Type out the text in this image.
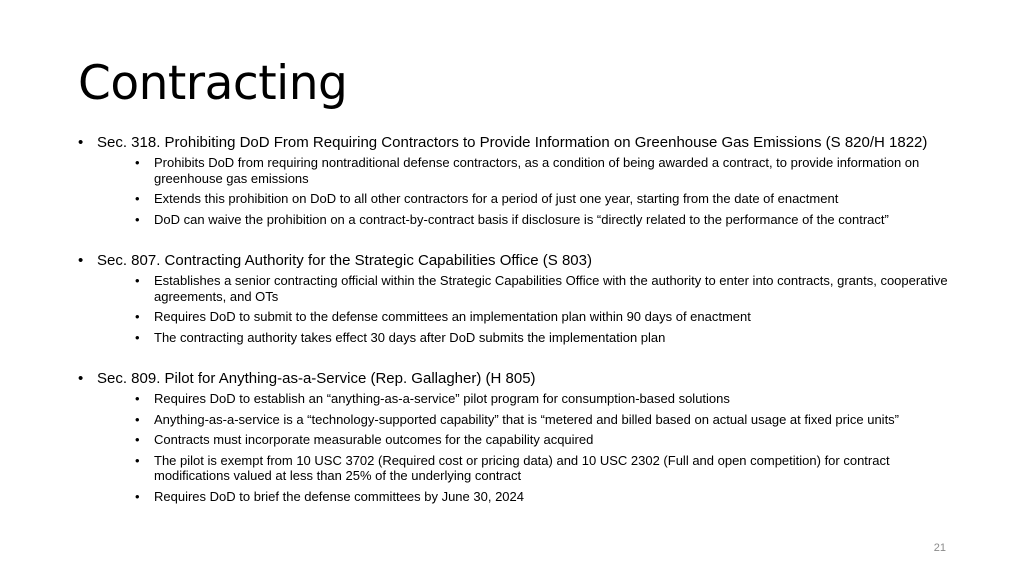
Contracting
• Sec. 318. Prohibiting DoD From Requiring Contractors to Provide Information on Greenhouse Gas Emissions (S 820/H 1822)
• Prohibits DoD from requiring nontraditional defense contractors, as a condition of being awarded a contract, to provide information on greenhouse gas emissions
• Extends this prohibition on DoD to all other contractors for a period of just one year, starting from the date of enactment
• DoD can waive the prohibition on a contract-by-contract basis if disclosure is “directly related to the performance of the contract”
• Sec. 807. Contracting Authority for the Strategic Capabilities Office (S 803)
• Establishes a senior contracting official within the Strategic Capabilities Office with the authority to enter into contracts, grants, cooperative agreements, and OTs
• Requires DoD to submit to the defense committees an implementation plan within 90 days of enactment
• The contracting authority takes effect 30 days after DoD submits the implementation plan
• Sec. 809. Pilot for Anything-as-a-Service (Rep. Gallagher) (H 805)
• Requires DoD to establish an “anything-as-a-service” pilot program for consumption-based solutions
• Anything-as-a-service is a “technology-supported capability” that is “metered and billed based on actual usage at fixed price units”
• Contracts must incorporate measurable outcomes for the capability acquired
• The pilot is exempt from 10 USC 3702 (Required cost or pricing data) and 10 USC 2302 (Full and open competition) for contract modifications valued at less than 25% of the underlying contract
• Requires DoD to brief the defense committees by June 30, 2024
21
